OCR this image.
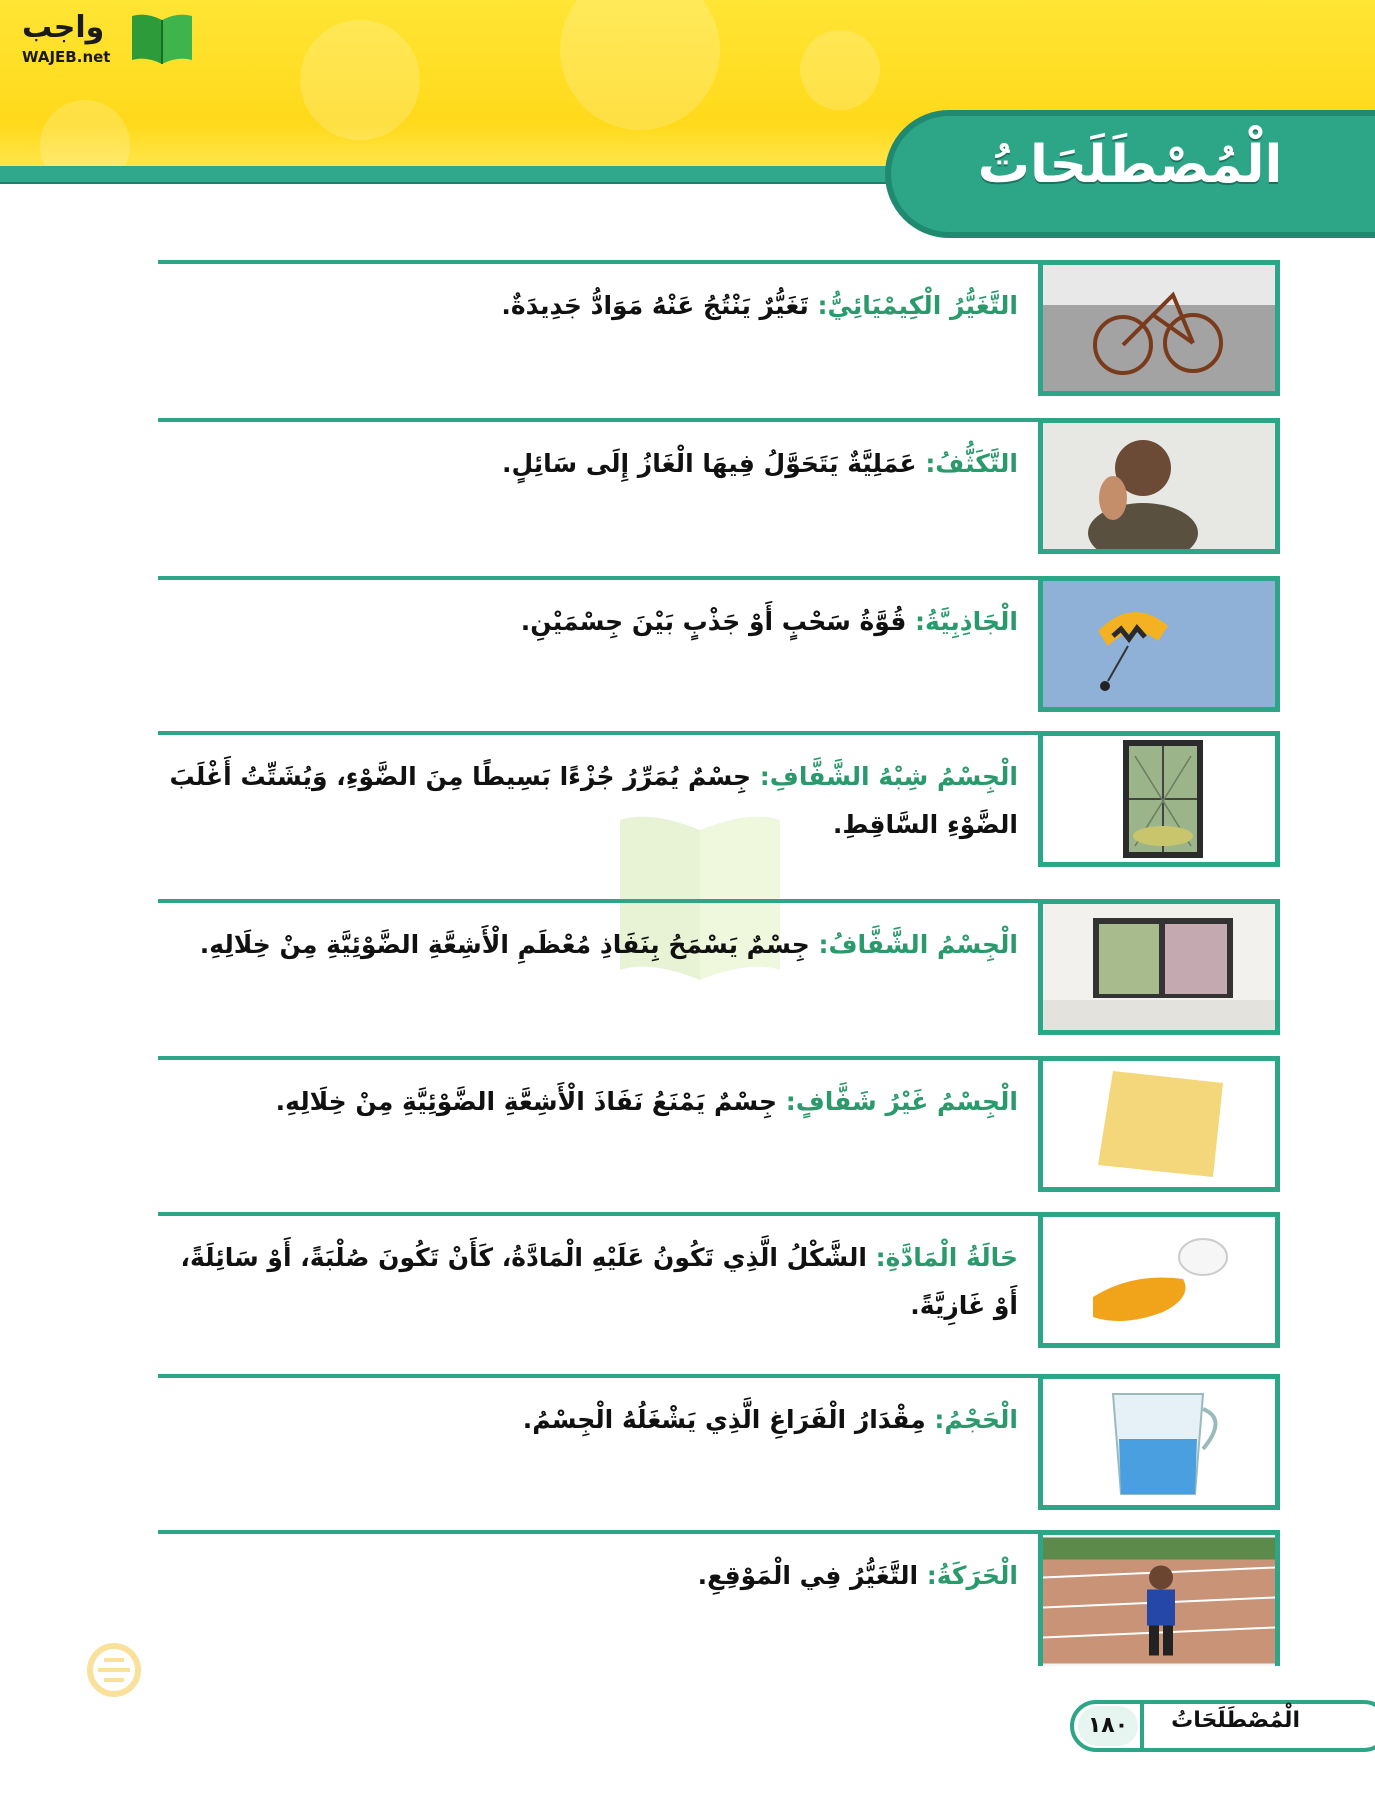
واجب
WAJEB.net
الْمُصْطَلَحَاتُ
التَّغَيُّرُ الْكِيمْيَائِيُّ: تَغَيُّرٌ يَنْتُجُ عَنْهُ مَوَادُّ جَدِيدَةٌ.
التَّكَثُّفُ: عَمَلِيَّةٌ يَتَحَوَّلُ فِيهَا الْغَازُ إِلَى سَائِلٍ.
الْجَاذِبِيَّةُ: قُوَّةُ سَحْبٍ أَوْ جَذْبٍ بَيْنَ جِسْمَيْنِ.
الْجِسْمُ شِبْهُ الشَّفَّافِ: جِسْمٌ يُمَرِّرُ جُزْءًا بَسِيطًا مِنَ الضَّوْءِ، وَيُشَتِّتُ أَغْلَبَ الضَّوْءِ السَّاقِطِ.
الْجِسْمُ الشَّفَّافُ: جِسْمٌ يَسْمَحُ بِنَفَاذِ مُعْظَمِ الْأَشِعَّةِ الضَّوْئِيَّةِ مِنْ خِلَالِهِ.
الْجِسْمُ غَيْرُ شَفَّافٍ: جِسْمٌ يَمْنَعُ نَفَاذَ الْأَشِعَّةِ الضَّوْئِيَّةِ مِنْ خِلَالِهِ.
حَالَةُ الْمَادَّةِ: الشَّكْلُ الَّذِي تَكُونُ عَلَيْهِ الْمَادَّةُ، كَأَنْ تَكُونَ صُلْبَةً، أَوْ سَائِلَةً، أَوْ غَازِيَّةً.
الْحَجْمُ: مِقْدَارُ الْفَرَاغِ الَّذِي يَشْغَلُهُ الْجِسْمُ.
الْحَرَكَةُ: التَّغَيُّرُ فِي الْمَوْقِعِ.
١٨٠	الْمُصْطَلَحَاتُ
